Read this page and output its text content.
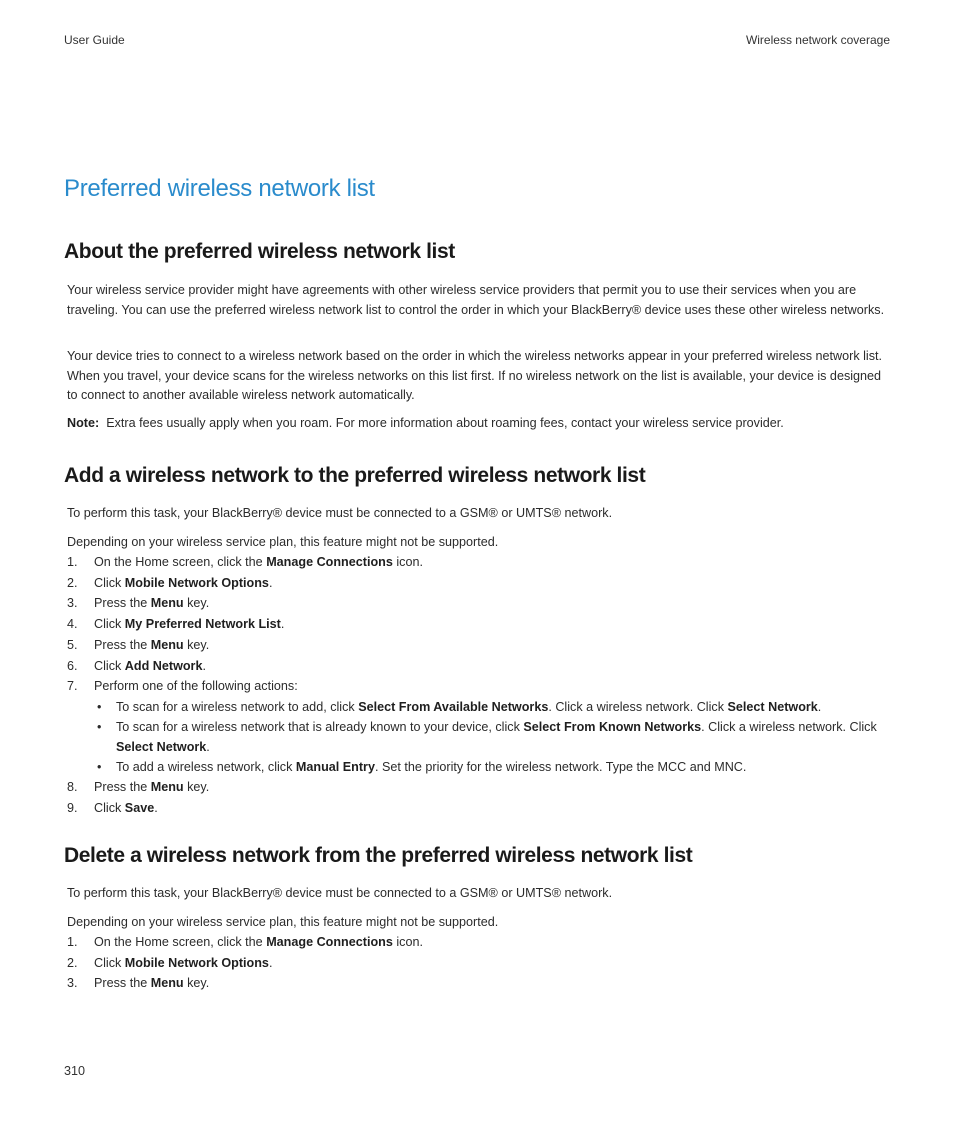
User Guide	Wireless network coverage
Preferred wireless network list
About the preferred wireless network list

Your wireless service provider might have agreements with other wireless service providers that permit you to use their services when you are traveling. You can use the preferred wireless network list to control the order in which your BlackBerry® device uses these other wireless networks.

Your device tries to connect to a wireless network based on the order in which the wireless networks appear in your preferred wireless network list. When you travel, your device scans for the wireless networks on this list first. If no wireless network on the list is available, your device is designed to connect to another available wireless network automatically.

Note: Extra fees usually apply when you roam. For more information about roaming fees, contact your wireless service provider.

Add a wireless network to the preferred wireless network list

To perform this task, your BlackBerry® device must be connected to a GSM® or UMTS® network.

Depending on your wireless service plan, this feature might not be supported.

1. On the Home screen, click the Manage Connections icon.
2. Click Mobile Network Options.
3. Press the Menu key.
4. Click My Preferred Network List.
5. Press the Menu key.
6. Click Add Network.
7. Perform one of the following actions:
• To scan for a wireless network to add, click Select From Available Networks. Click a wireless network. Click Select Network.
• To scan for a wireless network that is already known to your device, click Select From Known Networks. Click a wireless network. Click Select Network.
• To add a wireless network, click Manual Entry. Set the priority for the wireless network. Type the MCC and MNC.
8. Press the Menu key.
9. Click Save.
Delete a wireless network from the preferred wireless network list

To perform this task, your BlackBerry® device must be connected to a GSM® or UMTS® network.

Depending on your wireless service plan, this feature might not be supported.

1. On the Home screen, click the Manage Connections icon.
2. Click Mobile Network Options.
3. Press the Menu key.
310
